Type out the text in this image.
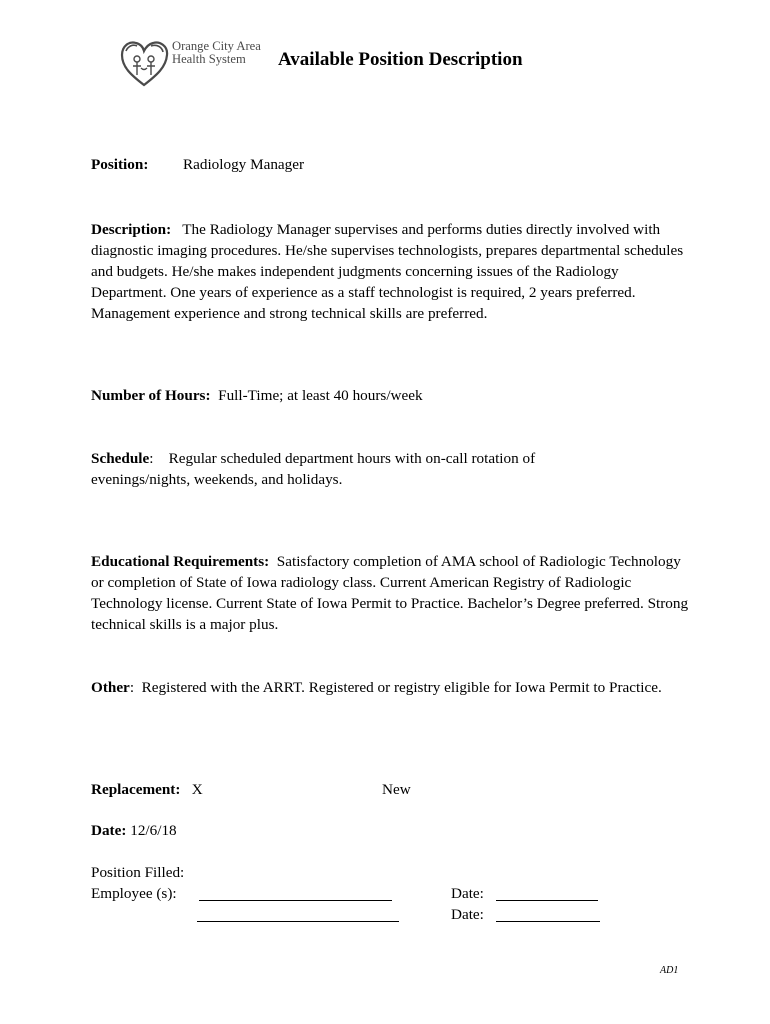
Orange City Area
Health System	Available Position Description
Position: Radiology Manager
Description: The Radiology Manager supervises and performs duties directly involved with diagnostic imaging procedures. He/she supervises technologists, prepares departmental schedules and budgets. He/she makes independent judgments concerning issues of the Radiology Department. One years of experience as a staff technologist is required, 2 years preferred. Management experience and strong technical skills are preferred.
Number of Hours: Full-Time; at least 40 hours/week
Schedule:    Regular scheduled department hours with on-call rotation of evenings/nights, weekends, and holidays.
Educational Requirements: Satisfactory completion of AMA school of Radiologic Technology or completion of State of Iowa radiology class. Current American Registry of Radiologic Technology license. Current State of Iowa Permit to Practice. Bachelor’s Degree preferred. Strong technical skills is a major plus.
Other:  Registered with the ARRT. Registered or registry eligible for Iowa Permit to Practice.
Replacement: X	New
Date: 12/6/18
Position Filled:
Employee (s):	Date:
Date:
AD1
